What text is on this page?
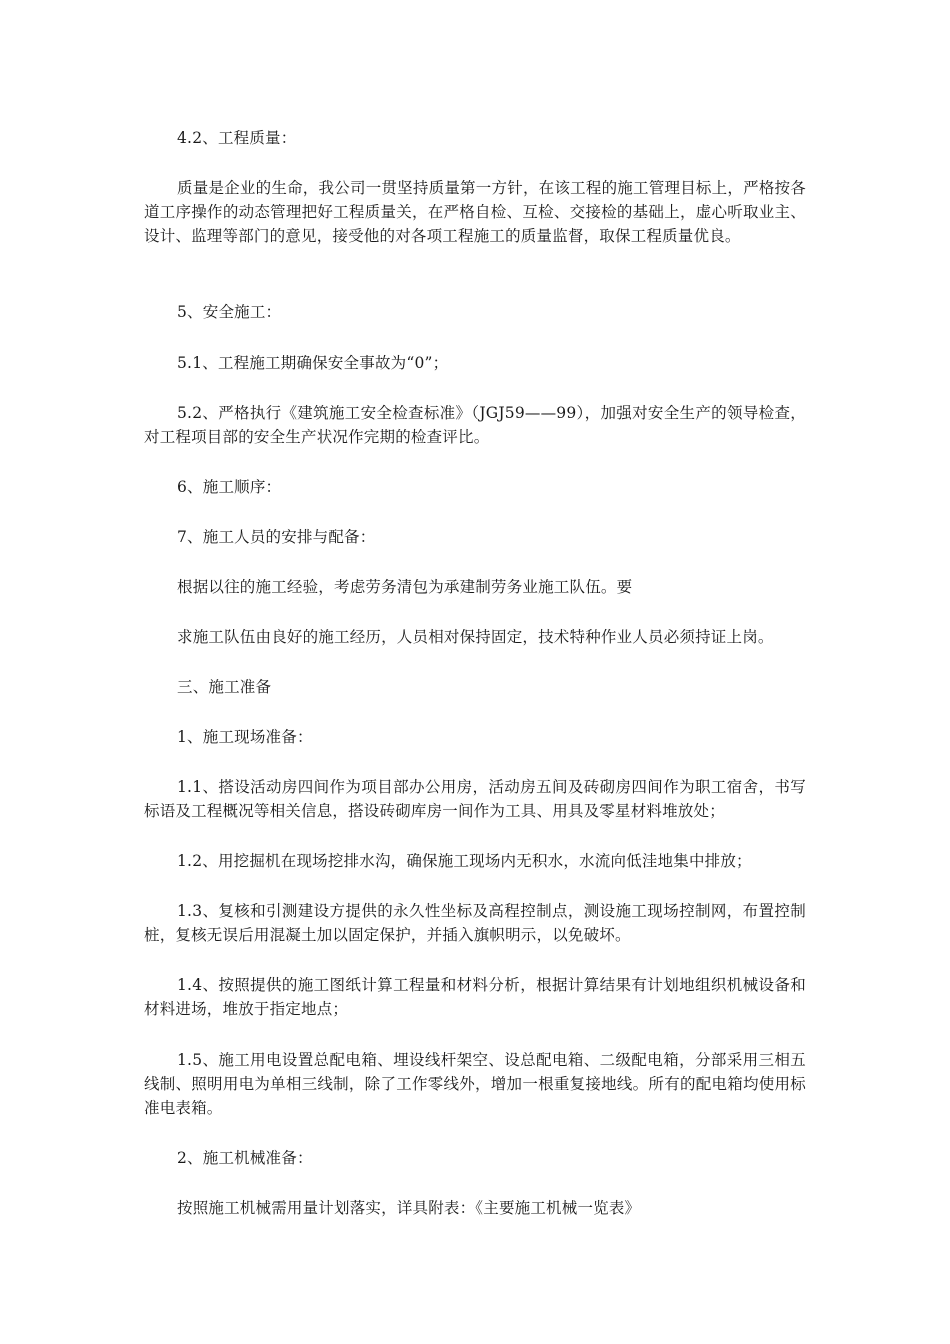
4.2、工程质量：

质量是企业的生命，我公司一贯坚持质量第一方针，在该工程的施工管理目标上，严格按各道工序操作的动态管理把好工程质量关，在严格自检、互检、交接检的基础上，虚心听取业主、设计、监理等部门的意见，接受他的对各项工程施工的质量监督，取保工程质量优良。

5、安全施工：

5.1、工程施工期确保安全事故为“0”；

5.2、严格执行《建筑施工安全检查标准》（JGJ59——99），加强对安全生产的领导检查，对工程项目部的安全生产状况作完期的检查评比。

6、施工顺序：

7、施工人员的安排与配备：

根据以往的施工经验，考虑劳务清包为承建制劳务业施工队伍。要

求施工队伍由良好的施工经历，人员相对保持固定，技术特种作业人员必须持证上岗。

三、施工准备

1、施工现场准备：

1.1、搭设活动房四间作为项目部办公用房，活动房五间及砖砌房四间作为职工宿舍，书写标语及工程概况等相关信息，搭设砖砌库房一间作为工具、用具及零星材料堆放处；

1.2、用挖掘机在现场挖排水沟，确保施工现场内无积水，水流向低洼地集中排放；

1.3、复核和引测建设方提供的永久性坐标及高程控制点，测设施工现场控制网，布置控制桩，复核无误后用混凝土加以固定保护，并插入旗帜明示，以免破坏。

1.4、按照提供的施工图纸计算工程量和材料分析，根据计算结果有计划地组织机械设备和材料进场，堆放于指定地点；

1.5、施工用电设置总配电箱、埋设线杆架空、设总配电箱、二级配电箱，分部采用三相五线制、照明用电为单相三线制，除了工作零线外，增加一根重复接地线。所有的配电箱均使用标准电表箱。

2、施工机械准备：

按照施工机械需用量计划落实，详具附表：《主要施工机械一览表》
